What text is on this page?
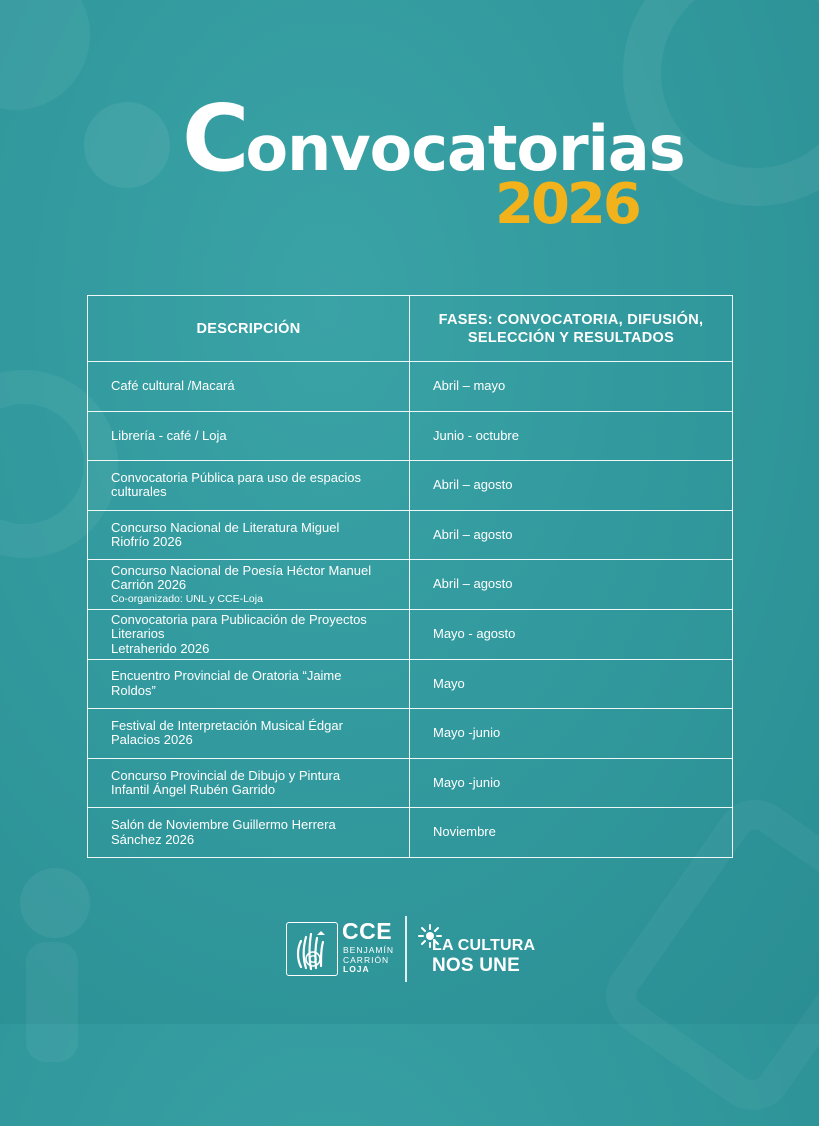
Convocatorias
2026
DESCRIPCIÓN	FASES: CONVOCATORIA, DIFUSIÓN,
SELECCIÓN Y RESULTADOS
Café cultural /Macará	Abril – mayo
Librería - café / Loja	Junio - octubre
Convocatoria Pública para uso de espacios
culturales	Abril – agosto
Concurso Nacional de Literatura Miguel
Riofrío 2026	Abril – agosto
Concurso Nacional de Poesía Héctor Manuel
Carrión 2026
Co-organizado: UNL y CCE-Loja	Abril – agosto
Convocatoria para Publicación de Proyectos
Literarios
Letraherido 2026	Mayo - agosto
Encuentro Provincial de Oratoria “Jaime
Roldos”	Mayo
Festival de Interpretación Musical Édgar
Palacios 2026	Mayo -junio
Concurso Provincial de Dibujo y Pintura
Infantil Ángel Rubén Garrido	Mayo -junio
Salón de Noviembre Guillermo Herrera
Sánchez 2026	Noviembre
CCE
BENJAMÍN
CARRIÓN
LOJA
LA CULTURA
NOS UNE
